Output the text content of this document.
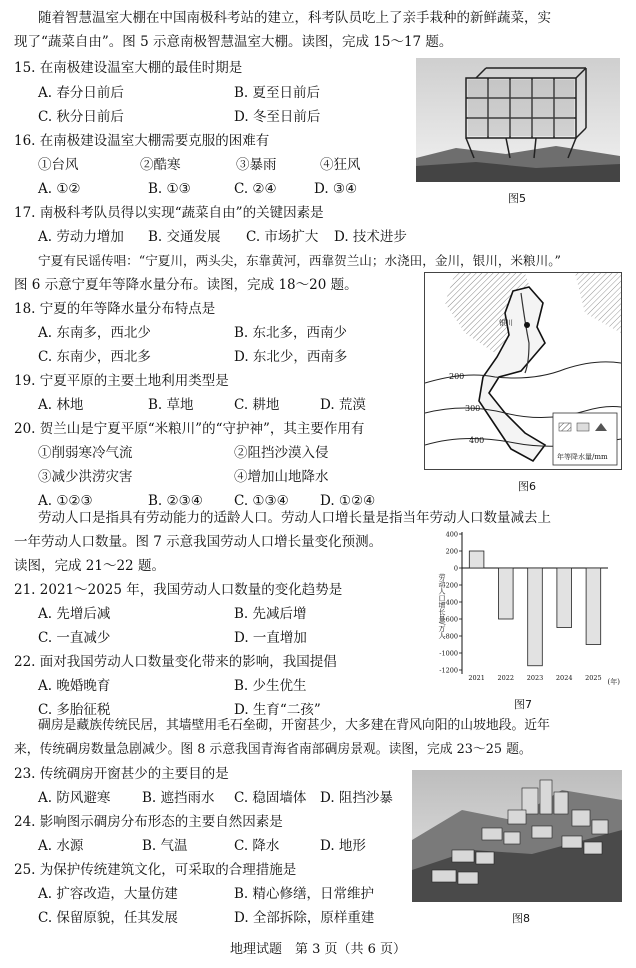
随着智慧温室大棚在中国南极科考站的建立，科考队员吃上了亲手栽种的新鲜蔬菜，实
现了“蔬菜自由”。图 5 示意南极智慧温室大棚。读图，完成 15～17 题。
15. 在南极建设温室大棚的最佳时期是
A. 春分日前后	B. 夏至日前后
C. 秋分日前后	D. 冬至日前后
16. 在南极建设温室大棚需要克服的困难有
①台风	②酷寒	③暴雨	④狂风
A. ①②	B. ①③	C. ②④	D. ③④
图5
17. 南极科考队员得以实现“蔬菜自由”的关键因素是
A. 劳动力增加 B. 交通发展 C. 市场扩大 D. 技术进步
宁夏有民谣传唱：“宁夏川，两头尖，东靠黄河，西靠贺兰山；水浇田，金川，银川，米粮川。”
图 6 示意宁夏年等降水量分布。读图，完成 18～20 题。
18. 宁夏的年等降水量分布特点是
A. 东南多，西北少	B. 东北多，西南少
C. 东南少，西北多	D. 东北少，西南多
19. 宁夏平原的主要土地利用类型是
A. 林地	B. 草地	C. 耕地	D. 荒漠
20. 贺兰山是宁夏平原“米粮川”的“守护神”，其主要作用有
①削弱寒冷气流	②阻挡沙漠入侵
③减少洪涝灾害	④增加山地降水
A. ①②③	B. ②③④ C. ①③④ D. ①②④
200
300
400
银川
年等降水量/mm
图6
劳动人口是指具有劳动能力的适龄人口。劳动人口增长量是指当年劳动人口数量减去上
一年劳动人口数量。图 7 示意我国劳动人口增长量变化预测。
读图，完成 21～22 题。
21. 2021～2025 年，我国劳动人口数量的变化趋势是
A. 先增后减	B. 先减后增
C. 一直减少	D. 一直增加
22. 面对我国劳动人口数量变化带来的影响，我国提倡
A. 晚婚晚育	B. 少生优生
C. 多胎征税	D. 生育“二孩”
劳动人口增长量/万人
(年)
400
200
0
-200
-400
-600
-800
-1000
-1200
2021 2022 2023 2024 2025
图7
碉房是藏族传统民居，其墙壁用毛石垒砌，开窗甚少，大多建在背风向阳的山坡地段。近年
来，传统碉房数量急剧减少。图 8 示意我国青海省南部碉房景观。读图，完成 23～25 题。
23. 传统碉房开窗甚少的主要目的是
A. 防风避寒 B. 遮挡雨水 C. 稳固墙体 D. 阻挡沙暴
24. 影响图示碉房分布形态的主要自然因素是
A. 水源	B. 气温	C. 降水	D. 地形
25. 为保护传统建筑文化，可采取的合理措施是
A. 扩容改造，大量仿建	B. 精心修缮，日常维护
C. 保留原貌，任其发展	D. 全部拆除，原样重建	图8
地理试题　第 3 页（共 6 页）
